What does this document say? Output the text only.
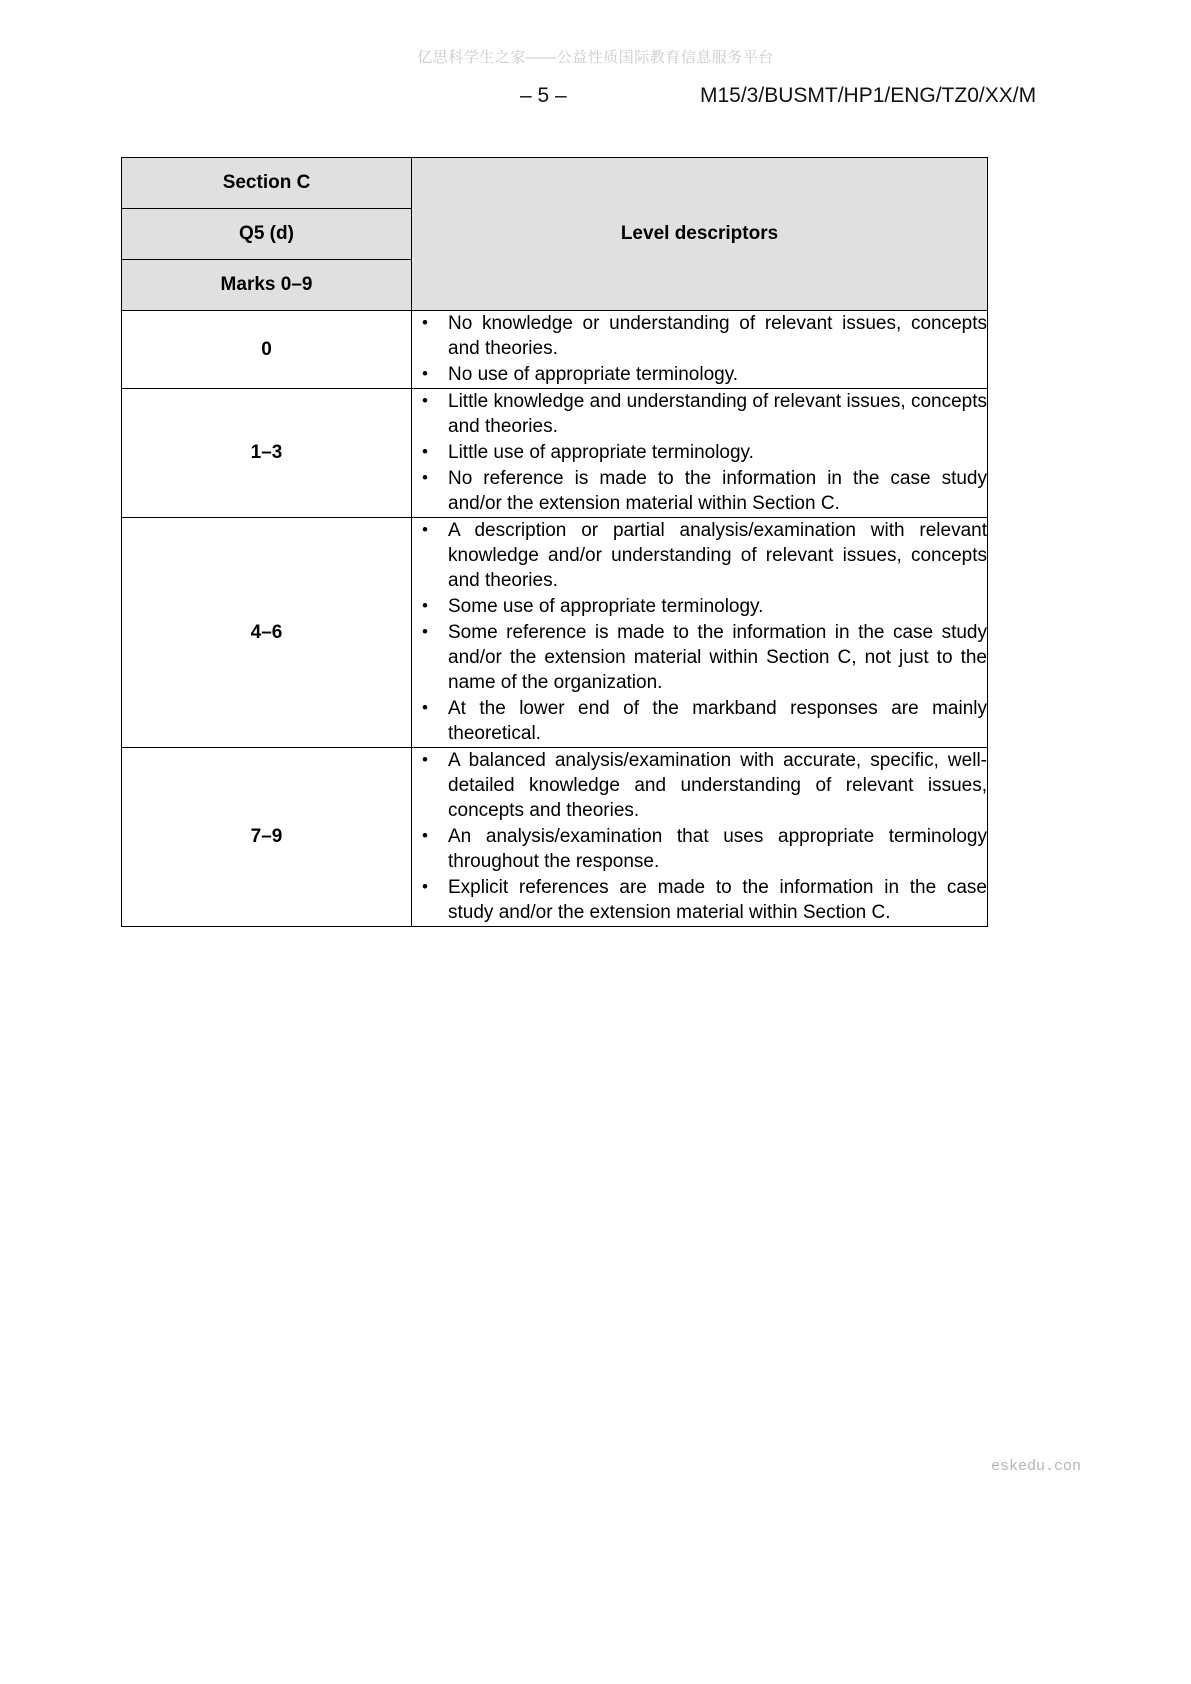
亿思科学生之家——公益性质国际教育信息服务平台
– 5 –	M15/3/BUSMT/HP1/ENG/TZ0/XX/M
Section C	Level descriptors
Q5 (d)	
Marks 0–9	
0	
• No knowledge or understanding of relevant issues, concepts and theories.
• No use of appropriate terminology.

1–3	
• Little knowledge and understanding of relevant issues, concepts and theories.
• Little use of appropriate terminology.
• No reference is made to the information in the case study and/or the extension material within Section C.

4–6	
• A description or partial analysis/examination with relevant knowledge and/or understanding of relevant issues, concepts and theories.
• Some use of appropriate terminology.
• Some reference is made to the information in the case study and/or the extension material within Section C, not just to the name of the organization.
• At the lower end of the markband responses are mainly theoretical.

7–9	
• A balanced analysis/examination with accurate, specific, well-detailed knowledge and understanding of relevant issues, concepts and theories.
• An analysis/examination that uses appropriate terminology throughout the response.
• Explicit references are made to the information in the case study and/or the extension material within Section C.
eskedu.con
